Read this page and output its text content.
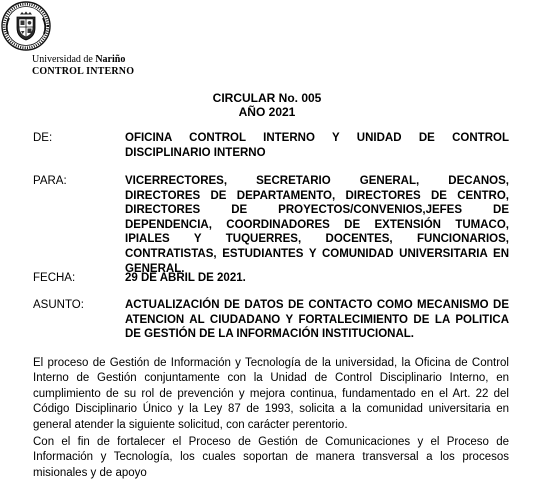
Universidad de Nariño
CONTROL INTERNO
CIRCULAR No. 005
AÑO 2021
DE:	OFICINA CONTROL INTERNO Y UNIDAD DE CONTROL DISCIPLINARIO INTERNO
PARA:	VICERRECTORES, SECRETARIO GENERAL, DECANOS, DIRECTORES DE DEPARTAMENTO, DIRECTORES DE CENTRO, DIRECTORES DE PROYECTOS/CONVENIOS,JEFES DE DEPENDENCIA, COORDINADORES DE EXTENSIÓN TUMACO, IPIALES Y TUQUERRES, DOCENTES, FUNCIONARIOS, CONTRATISTAS, ESTUDIANTES Y COMUNIDAD UNIVERSITARIA EN GENERAL.
FECHA:	29 DE ABRIL DE 2021.
ASUNTO:	ACTUALIZACIÓN DE DATOS DE CONTACTO COMO MECANISMO DE ATENCION AL CIUDADANO Y FORTALECIMIENTO DE LA POLITICA DE GESTIÓN DE LA INFORMACIÓN INSTITUCIONAL.
El proceso de Gestión de Información y Tecnología de la universidad, la Oficina de Control Interno de Gestión conjuntamente con la Unidad de Control Disciplinario Interno, en cumplimiento de su rol de prevención y mejora continua, fundamentado en el Art. 22 del Código Disciplinario Único y la Ley 87 de 1993, solicita a la comunidad universitaria en general atender la siguiente solicitud, con carácter perentorio.
Con el fin de fortalecer el Proceso de Gestión de Comunicaciones y el Proceso de Información y Tecnología, los cuales soportan de manera transversal a los procesos misionales y de apoyo
